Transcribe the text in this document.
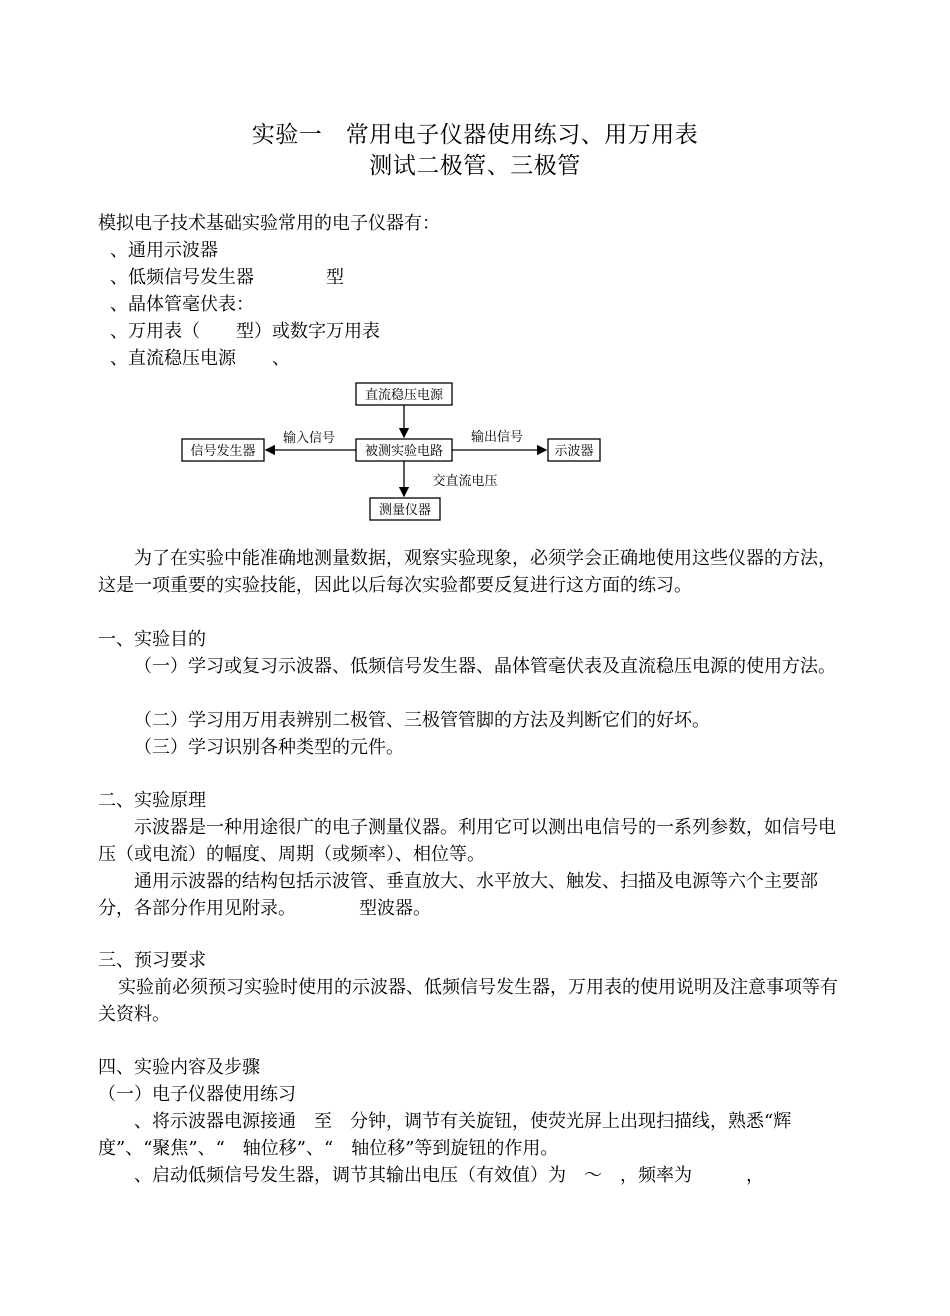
实验一　常用电子仪器使用练习、用万用表
测试二极管、三极管
模拟电子技术基础实验常用的电子仪器有：
、通用示波器
、低频信号发生器　　　　型
、晶体管毫伏表：
、万用表（　　型）或数字万用表
、直流稳压电源　　、
直流稳压电源
被测实验电路
信号发生器	示波器
测量仪器
输入信号	输出信号
交直流电压
为了在实验中能准确地测量数据，观察实验现象，必须学会正确地使用这些仪器的方法，这是一项重要的实验技能，因此以后每次实验都要反复进行这方面的练习。
一、实验目的
（一）学习或复习示波器、低频信号发生器、晶体管毫伏表及直流稳压电源的使用方法。
（二）学习用万用表辨别二极管、三极管管脚的方法及判断它们的好坏。
（三）学习识别各种类型的元件。
二、实验原理
示波器是一种用途很广的电子测量仪器。利用它可以测出电信号的一系列参数，如信号电压（或电流）的幅度、周期（或频率）、相位等。
通用示波器的结构包括示波管、垂直放大、水平放大、触发、扫描及电源等六个主要部分，各部分作用见附录。　　　　型波器。
三、预习要求
实验前必须预习实验时使用的示波器、低频信号发生器，万用表的使用说明及注意事项等有关资料。
四、实验内容及步骤
（一）电子仪器使用练习
、将示波器电源接通　至　分钟，调节有关旋钮，使荧光屏上出现扫描线，熟悉“辉度”、“聚焦”、“　轴位移”、“　轴位移”等到旋钮的作用。
、启动低频信号发生器，调节其输出电压（有效值）为　～　，频率为　　　，
